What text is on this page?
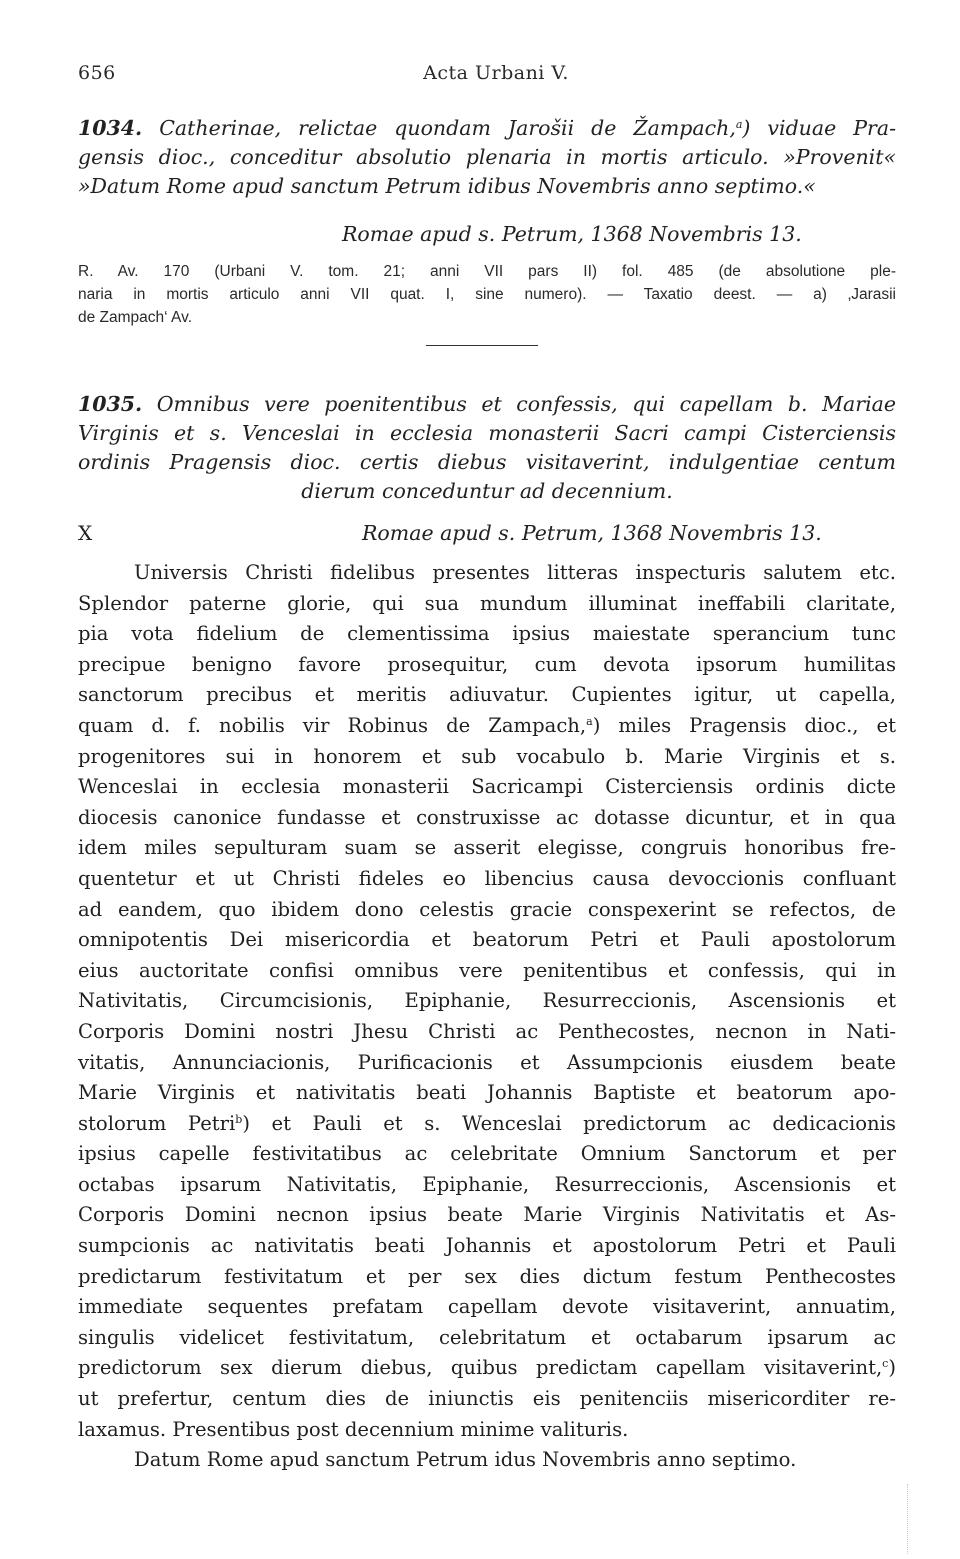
656	Acta Urbani V.
1034. Catherinae, relictae quondam Jarošii de Žampach,$^a$) viduae Pra-
gensis dioc., conceditur absolutio plenaria in mortis articulo. »Provenit«
»Datum Rome apud sanctum Petrum idibus Novembris anno septimo.«
Romae apud s. Petrum, 1368 Novembris 13.
R. Av. 170 (Urbani V. tom. 21; anni VII pars II) fol. 485 (de absolutione ple-
naria in mortis articulo anni VII quat. I, sine numero). — Taxatio deest. — a) ‚Jarasii
de Zampach‘ Av.
1035. Omnibus vere poenitentibus et confessis, qui capellam b. Mariae
Virginis et s. Venceslai in ecclesia monasterii Sacri campi Cisterciensis
ordinis Pragensis dioc. certis diebus visitaverint, indulgentiae centum
dierum conceduntur ad decennium.
X	Romae apud s. Petrum, 1368 Novembris 13.
Universis Christi fidelibus presentes litteras inspecturis salutem etc.
Splendor paterne glorie, qui sua mundum illuminat ineffabili claritate,
pia vota fidelium de clementissima ipsius maiestate sperancium tunc
precipue benigno favore prosequitur, cum devota ipsorum humilitas
sanctorum precibus et meritis adiuvatur. Cupientes igitur, ut capella,
quam d. f. nobilis vir Robinus de Zampach,$^a$) miles Pragensis dioc., et
progenitores sui in honorem et sub vocabulo b. Marie Virginis et s.
Wenceslai in ecclesia monasterii Sacricampi Cisterciensis ordinis dicte
diocesis canonice fundasse et construxisse ac dotasse dicuntur, et in qua
idem miles sepulturam suam se asserit elegisse, congruis honoribus fre-
quentetur et ut Christi fideles eo libencius causa devoccionis confluant
ad eandem, quo ibidem dono celestis gracie conspexerint se refectos, de
omnipotentis Dei misericordia et beatorum Petri et Pauli apostolorum
eius auctoritate confisi omnibus vere penitentibus et confessis, qui in
Nativitatis, Circumcisionis, Epiphanie, Resurreccionis, Ascensionis et
Corporis Domini nostri Jhesu Christi ac Penthecostes, necnon in Nati-
vitatis, Annunciacionis, Purificacionis et Assumpcionis eiusdem beate
Marie Virginis et nativitatis beati Johannis Baptiste et beatorum apo-
stolorum Petri$^b$) et Pauli et s. Wenceslai predictorum ac dedicacionis
ipsius capelle festivitatibus ac celebritate Omnium Sanctorum et per
octabas ipsarum Nativitatis, Epiphanie, Resurreccionis, Ascensionis et
Corporis Domini necnon ipsius beate Marie Virginis Nativitatis et As-
sumpcionis ac nativitatis beati Johannis et apostolorum Petri et Pauli
predictarum festivitatum et per sex dies dictum festum Penthecostes
immediate sequentes prefatam capellam devote visitaverint, annuatim,
singulis videlicet festivitatum, celebritatum et octabarum ipsarum ac
predictorum sex dierum diebus, quibus predictam capellam visitaverint,$^c$)
ut prefertur, centum dies de iniunctis eis penitenciis misericorditer re-
laxamus. Presentibus post decennium minime valituris.
Datum Rome apud sanctum Petrum idus Novembris anno septimo.
